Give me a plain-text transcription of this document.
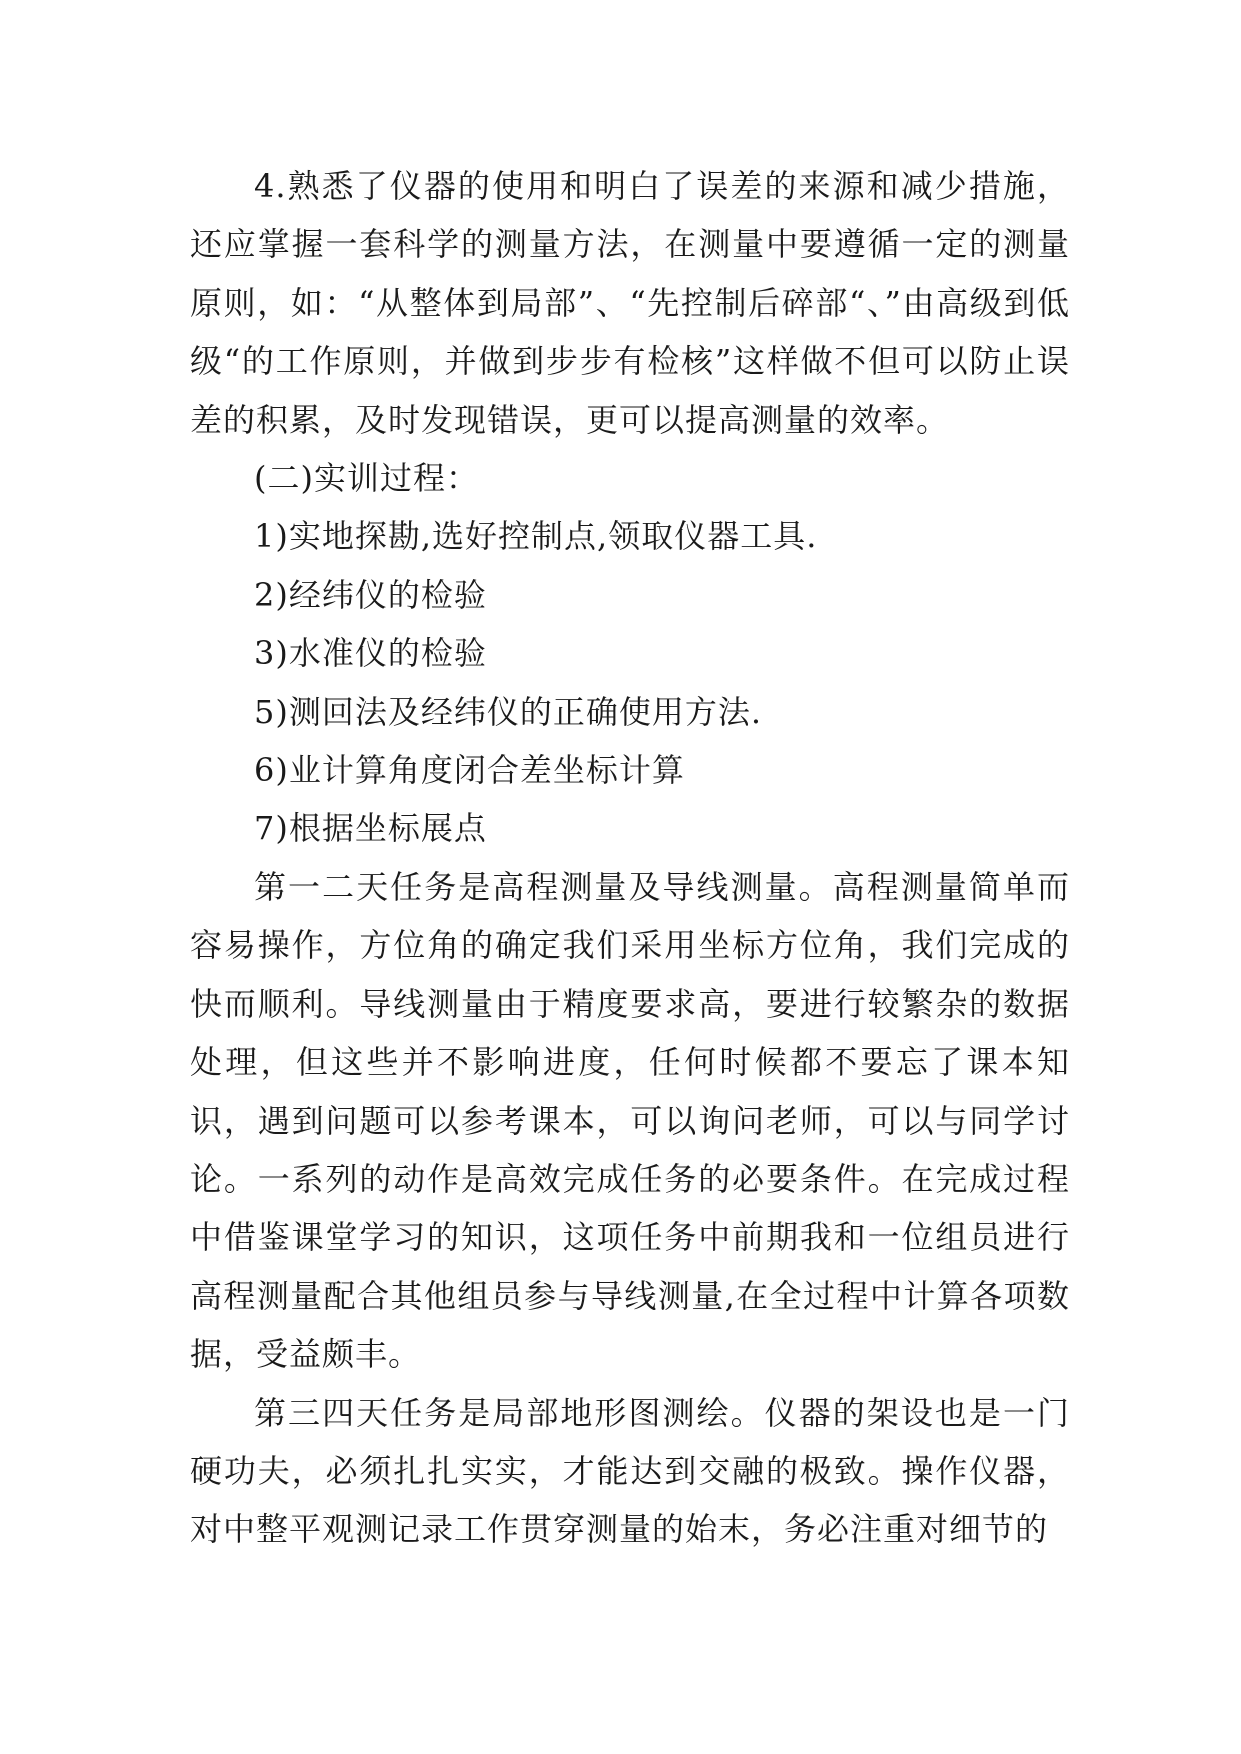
4.熟悉了仪器的使用和明白了误差的来源和减少措施，还应掌握一套科学的测量方法，在测量中要遵循一定的测量原则，如：“从整体到局部”、“先控制后碎部“、”由高级到低级“的工作原则，并做到步步有检核”这样做不但可以防止误差的积累，及时发现错误，更可以提高测量的效率。

(二)实训过程：

1)实地探勘,选好控制点,领取仪器工具.

2)经纬仪的检验

3)水准仪的检验

5)测回法及经纬仪的正确使用方法.

6)业计算角度闭合差坐标计算

7)根据坐标展点

第一二天任务是高程测量及导线测量。高程测量简单而容易操作，方位角的确定我们采用坐标方位角，我们完成的快而顺利。导线测量由于精度要求高，要进行较繁杂的数据处理，但这些并不影响进度，任何时候都不要忘了课本知识，遇到问题可以参考课本，可以询问老师，可以与同学讨论。一系列的动作是高效完成任务的必要条件。在完成过程中借鉴课堂学习的知识，这项任务中前期我和一位组员进行高程测量配合其他组员参与导线测量,在全过程中计算各项数据，受益颇丰。

第三四天任务是局部地形图测绘。仪器的架设也是一门硬功夫，必须扎扎实实，才能达到交融的极致。操作仪器，对中整平观测记录工作贯穿测量的始末，务必注重对细节的
